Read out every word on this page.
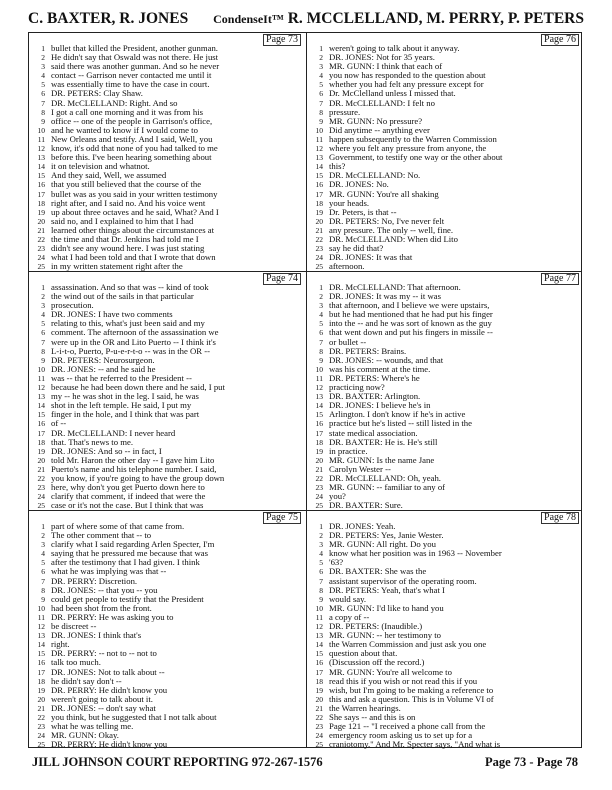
C. BAXTER, R. JONES CondenseIt™ R. MCCLELLAND, M. PERRY, P. PETERS
Page 73
1 bullet that killed the President, another gunman.
2 He didn't say that Oswald was not there. He just
3 said there was another gunman. And so he never
4 contact -- Garrison never contacted me until it
5 was essentially time to have the case in court.
6 DR. PETERS: Clay Shaw.
7 DR. McCLELLAND: Right. And so
8 I got a call one morning and it was from his
9 office -- one of the people in Garrison's office,
10 and he wanted to know if I would come to
11 New Orleans and testify. And I said, Well, you
12 know, it's odd that none of you had talked to me
13 before this. I've been hearing something about
14 it on television and whatnot.
15 And they said, Well, we assumed
16 that you still believed that the course of the
17 bullet was as you said in your written testimony
18 right after, and I said no. And his voice went
19 up about three octaves and he said, What? And I
20 said no, and I explained to him that I had
21 learned other things about the circumstances at
22 the time and that Dr. Jenkins had told me I
23 didn't see any wound here. I was just stating
24 what I had been told and that I wrote that down
25 in my written statement right after the
Page 76
1 weren't going to talk about it anyway.
2 DR. JONES: Not for 35 years.
3 MR. GUNN: I think that each of
4 you now has responded to the question about
5 whether you had felt any pressure except for
6 Dr. McClelland unless I missed that.
7 DR. McCLELLAND: I felt no
8 pressure.
9 MR. GUNN: No pressure?
10 Did anytime -- anything ever
11 happen subsequently to the Warren Commission
12 where you felt any pressure from anyone, the
13 Government, to testify one way or the other about
14 this?
15 DR. McCLELLAND: No.
16 DR. JONES: No.
17 MR. GUNN: You're all shaking
18 your heads.
19 Dr. Peters, is that --
20 DR. PETERS: No, I've never felt
21 any pressure. The only -- well, fine.
22 DR. McCLELLAND: When did Lito
23 say he did that?
24 DR. JONES: It was that
25 afternoon.
Page 74
1 assassination. And so that was -- kind of took
2 the wind out of the sails in that particular
3 prosecution.
4 DR. JONES: I have two comments
5 relating to this, what's just been said and my
6 comment. The afternoon of the assassination we
7 were up in the OR and Lito Puerto -- I think it's
8 L-i-t-o, Puerto, P-u-e-r-t-o -- was in the OR --
9 DR. PETERS: Neurosurgeon.
10 DR. JONES: -- and he said he
11 was -- that he referred to the President --
12 because he had been down there and he said, I put
13 my -- he was shot in the leg. I said, he was
14 shot in the left temple. He said, I put my
15 finger in the hole, and I think that was part
16 of --
17 DR. McCLELLAND: I never heard
18 that. That's news to me.
19 DR. JONES: And so -- in fact, I
20 told Mr. Haron the other day -- I gave him Lito
21 Puerto's name and his telephone number. I said,
22 you know, if you're going to have the group down
23 here, why don't you get Puerto down here to
24 clarify that comment, if indeed that were the
25 case or it's not the case. But I think that was
Page 77
1 DR. McCLELLAND: That afternoon.
2 DR. JONES: It was my -- it was
3 that afternoon, and I believe we were upstairs,
4 but he had mentioned that he had put his finger
5 into the -- and he was sort of known as the guy
6 that went down and put his fingers in missile --
7 or bullet --
8 DR. PETERS: Brains.
9 DR. JONES: -- wounds, and that
10 was his comment at the time.
11 DR. PETERS: Where's he
12 practicing now?
13 DR. BAXTER: Arlington.
14 DR. JONES: I believe he's in
15 Arlington. I don't know if he's in active
16 practice but he's listed -- still listed in the
17 state medical association.
18 DR. BAXTER: He is. He's still
19 in practice.
20 MR. GUNN: Is the name Jane
21 Carolyn Wester --
22 DR. McCLELLAND: Oh, yeah.
23 MR. GUNN: -- familiar to any of
24 you?
25 DR. BAXTER: Sure.
Page 75
1 part of where some of that came from.
2 The other comment that -- to
3 clarify what I said regarding Arlen Specter, I'm
4 saying that he pressured me because that was
5 after the testimony that I had given. I think
6 what he was implying was that --
7 DR. PERRY: Discretion.
8 DR. JONES: -- that you -- you
9 could get people to testify that the President
10 had been shot from the front.
11 DR. PERRY: He was asking you to
12 be discreet --
13 DR. JONES: I think that's
14 right.
15 DR. PERRY: -- not to -- not to
16 talk too much.
17 DR. JONES: Not to talk about --
18 he didn't say don't --
19 DR. PERRY: He didn't know you
20 weren't going to talk about it.
21 DR. JONES: -- don't say what
22 you think, but he suggested that I not talk about
23 what he was telling me.
24 MR. GUNN: Okay.
25 DR. PERRY: He didn't know you
Page 78
1 DR. JONES: Yeah.
2 DR. PETERS: Yes, Janie Wester.
3 MR. GUNN: All right. Do you
4 know what her position was in 1963 -- November
5 '63?
6 DR. BAXTER: She was the
7 assistant supervisor of the operating room.
8 DR. PETERS: Yeah, that's what I
9 would say.
10 MR. GUNN: I'd like to hand you
11 a copy of --
12 DR. PETERS: (Inaudible.)
13 MR. GUNN: -- her testimony to
14 the Warren Commission and just ask you one
15 question about that.
16 (Discussion off the record.)
17 MR. GUNN: You're all welcome to
18 read this if you wish or not read this if you
19 wish, but I'm going to be making a reference to
20 this and ask a question. This is in Volume VI of
21 the Warren hearings.
22 She says -- and this is on
23 Page 121 -- "I received a phone call from the
24 emergency room asking us to set up for a
25 craniotomy." And Mr. Specter says, "And what is
JILL JOHNSON COURT REPORTING 972-267-1576	Page 73 - Page 78
